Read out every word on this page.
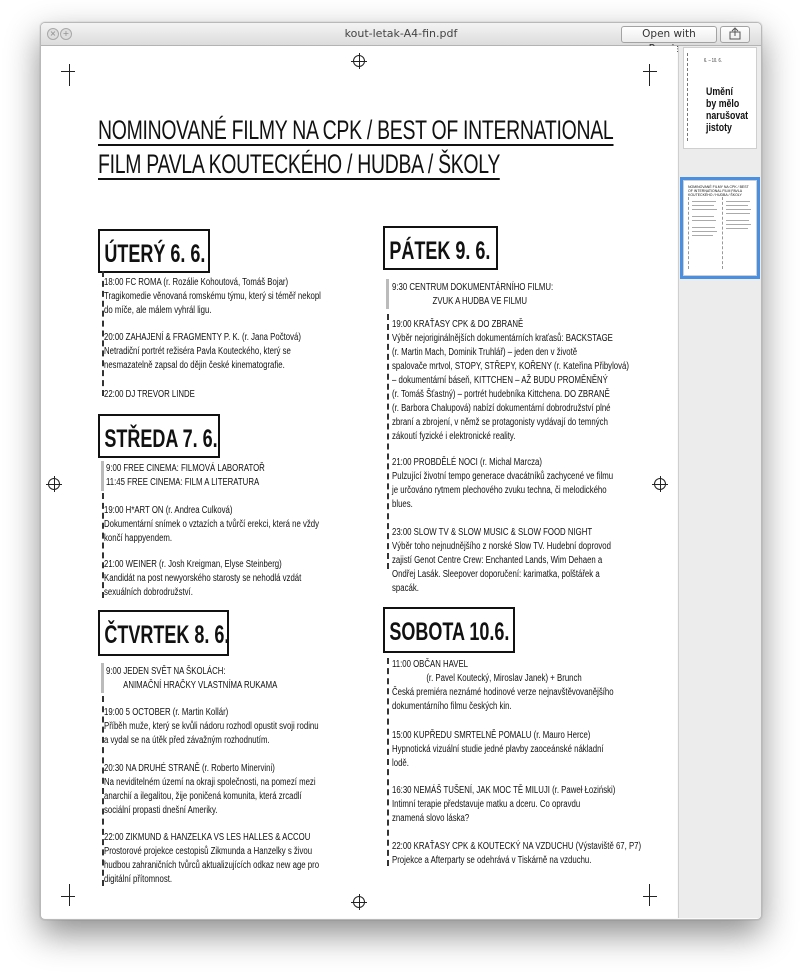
× +	kout-letak-A4-fin.pdf	Open with
NOMINOVANÉ FILMY NA CPK / BEST OF INTERNATIONAL
FILM PAVLA KOUTECKÉHO / HUDBA / ŠKOLY
ÚTERÝ 6. 6.
18:00 FC ROMA (r. Rozálie Kohoutová, Tomáš Bojar)
Tragikomedie věnovaná romskému týmu, který si téměř nekopl
do míče, ale málem vyhrál ligu.
20:00 ZAHAJENÍ & FRAGMENTY P. K. (r. Jana Počtová)
Netradiční portrét režiséra Pavla Kouteckého, který se
nesmazatelně zapsal do dějin české kinematografie.
22:00 DJ TREVOR LINDE
STŘEDA 7. 6.
9:00 FREE CINEMA: FILMOVÁ LABORATOŘ
11:45 FREE CINEMA: FILM A LITERATURA
19:00 H*ART ON (r. Andrea Culková)
Dokumentární snímek o vztazích a tvůrčí erekci, která ne vždy
končí happyendem.
21:00 WEINER (r. Josh Kreigman, Elyse Steinberg)
Kandidát na post newyorského starosty se nehodlá vzdát
sexuálních dobrodružství.
ČTVRTEK 8. 6.
9:00 JEDEN SVĚT NA ŠKOLÁCH:
ANIMAČNÍ HRAČKY VLASTNÍMA RUKAMA
19:00 5 OCTOBER (r. Martin Kollár)
Příběh muže, který se kvůli nádoru rozhodl opustit svoji rodinu
a vydal se na útěk před závažným rozhodnutím.
20:30 NA DRUHÉ STRANĚ (r. Roberto Minervini)
Na neviditelném území na okraji společnosti, na pomezí mezi
anarchií a ilegalitou, žije poničená komunita, která zrcadlí
sociální propasti dnešní Ameriky.
22:00 ZIKMUND & HANZELKA VS LES HALLES & ACCOU
Prostorové projekce cestopisů Zikmunda a Hanzelky s živou
hudbou zahraničních tvůrců aktualizujících odkaz new age pro
digitální přítomnost.
PÁTEK 9. 6.
9:30 CENTRUM DOKUMENTÁRNÍHO FILMU:
ZVUK A HUDBA VE FILMU
19:00 KRAŤASY CPK & DO ZBRANĚ
Výběr nejoriginálnějších dokumentárních kraťasů: BACKSTAGE
(r. Martin Mach, Dominik Truhlář) – jeden den v životě
spalovače mrtvol, STOPY, STŘEPY, KOŘENY (r. Kateřina Přibylová)
– dokumentární báseň, KITTCHEN – AŽ BUDU PROMĚNĚNÝ
(r. Tomáš Šťastný) – portrét hudebníka Kittchena. DO ZBRANĚ
(r. Barbora Chalupová) nabízí dokumentární dobrodružství plné
zbraní a zbrojení, v němž se protagonisty vydávají do temných
zákoutí fyzické i elektronické reality.
21:00 PROBDĚLÉ NOCI (r. Michal Marcza)
Pulzující životní tempo generace dvacátníků zachycené ve filmu
je určováno rytmem plechového zvuku techna, či melodického
blues.
23:00 SLOW TV & SLOW MUSIC & SLOW FOOD NIGHT
Výběr toho nejnudnějšího z norské Slow TV. Hudební doprovod
zajistí Genot Centre Crew: Enchanted Lands, Wim Dehaen a
Ondřej Lasák. Sleepover doporučení: karimatka, polštářek a
spacák.
SOBOTA 10.6.
11:00 OBČAN HAVEL
(r. Pavel Koutecký, Miroslav Janek) + Brunch
Česká premiéra neznámé hodinové verze nejnavštěvovanějšího
dokumentárního filmu českých kin.
15:00 KUPŘEDU SMRTELNĚ POMALU (r. Mauro Herce)
Hypnotická vizuální studie jedné plavby zaoceánské nákladní
lodě.
16:30 NEMÁŠ TUŠENÍ, JAK MOC TĚ MILUJI (r. Paweł Łoziński)
Intimní terapie představuje matku a dceru. Co opravdu
znamená slovo láska?
22:00 KRAŤASY CPK & KOUTECKÝ NA VZDUCHU (Výstaviště 67, P7)
Projekce a Afterparty se odehrává v Tiskárně na vzduchu.
6. – 10. 6.
Umění by mělo narušovat jistoty
NOMINOVANÉ FILMY NA CPK / BEST OF INTERNATIONAL FILM PAVLA KOUTECKÉHO / HUDBA / ŠKOLY
